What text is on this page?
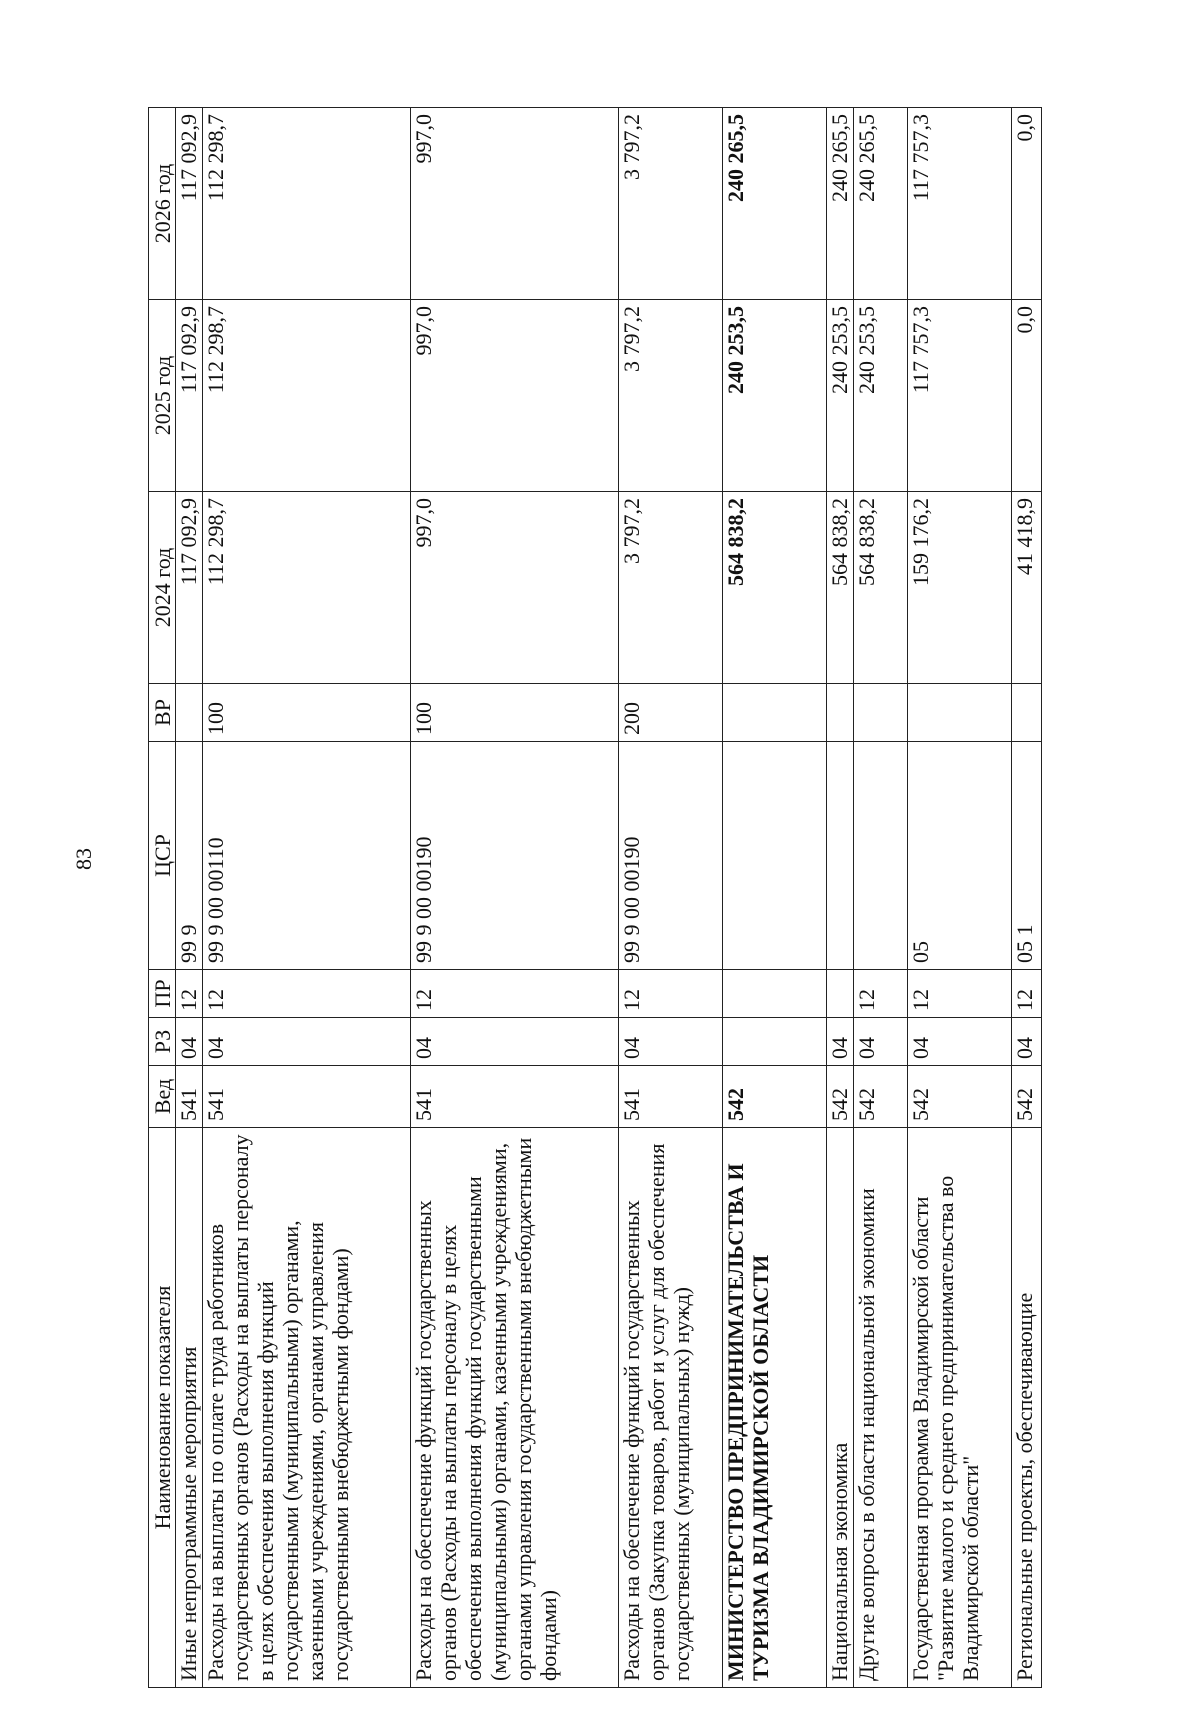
83
Наименование показателя	Вед	РЗ	ПР	ЦСР	ВР	2024 год	2025 год	2026 год
Иные непрограммные мероприятия	541	04	12	99 9		117 092,9	117 092,9	117 092,9
Расходы на выплаты по оплате труда работников государственных органов (Расходы на выплаты персоналу в целях обеспечения выполнения функций государственными (муниципальными) органами, казенными учреждениями, органами управления государственными внебюджетными фондами)	541	04	12	99 9 00 00110	100	112 298,7	112 298,7	112 298,7
Расходы на обеспечение функций государственных органов (Расходы на выплаты персоналу в целях обеспечения выполнения функций государственными (муниципальными) органами, казенными учреждениями, органами управления государственными внебюджетными фондами)	541	04	12	99 9 00 00190	100	997,0	997,0	997,0
Расходы на обеспечение функций государственных органов (Закупка товаров, работ и услуг для обеспечения государственных (муниципальных) нужд)	541	04	12	99 9 00 00190	200	3 797,2	3 797,2	3 797,2
МИНИСТЕРСТВО ПРЕДПРИНИМАТЕЛЬСТВА И ТУРИЗМА ВЛАДИМИРСКОЙ ОБЛАСТИ	542					564 838,2	240 253,5	240 265,5
Национальная экономика	542	04				564 838,2	240 253,5	240 265,5
Другие вопросы в области национальной экономики	542	04	12			564 838,2	240 253,5	240 265,5
Государственная программа Владимирской области "Развитие малого и среднего предпринимательства во Владимирской области"	542	04	12	05		159 176,2	117 757,3	117 757,3
Региональные проекты, обеспечивающие	542	04	12	05 1		41 418,9	0,0	0,0
